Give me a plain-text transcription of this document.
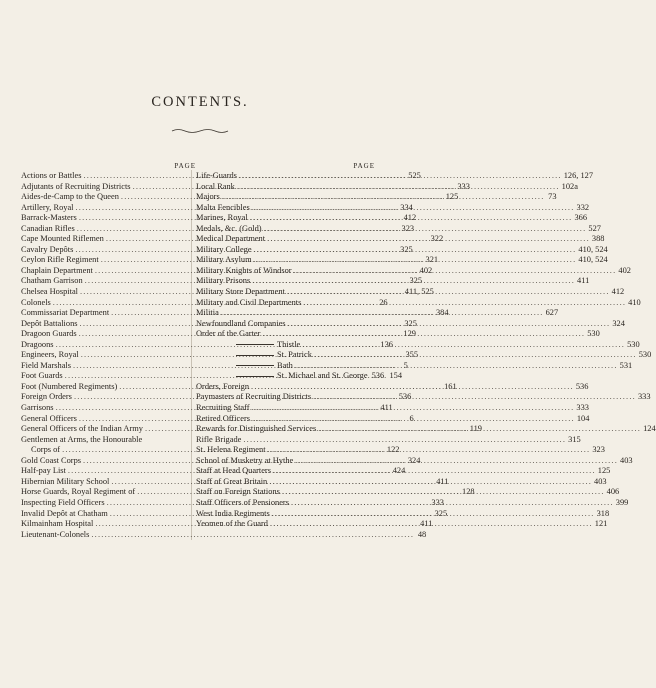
CONTENTS.
PAGE
Actions or Battles .....	525
Adjutants of Recruiting Districts .....	333
Aides-de-Camp to the Queen .....	125
Artillery, Royal .....	334
Barrack-Masters .....	412
Canadian Rifles .....	323
Cape Mounted Riflemen .....	322
Cavalry Depôts .....	325
Ceylon Rifle Regiment .....	321
Chaplain Department .....	402
Chatham Garrison .....	325
Chelsea Hospital .....	411, 525
Colonels .....	26
Commissariat Department .....	384
Depôt Battalions .....	325
Dragoon Guards .....	129
Dragoons .....	136
Engineers, Royal .....	355
Field Marshals .....	5
Foot Guards .....	154
Foot (Numbered Regiments) .....	161
Foreign Orders .....	536
Garrisons .....	411
General Officers .....	6
General Officers of the Indian Army .....	119
Gentlemen at Arms, the Honourable
Corps of .....	122
Gold Coast Corps .....	324
Half-pay List .....	424
Hibernian Military School .....	411
Horse Guards, Royal Regiment of .....	128
Inspecting Field Officers .....	333
Invalid Depôt at Chatham .....	325
Kilmainham Hospital .....	411
Lieutenant-Colonels .....	48
PAGE
Life-Guards .....	126, 127
Local Rank .....	102a
Majors .....	73
Malta Fencibles .....	332
Marines, Royal .....	366
Medals, &c. (Gold) .....	527
Medical Department .....	388
Military College .....	410, 524
Military Asylum .....	410, 524
Military Knights of Windsor .....	402
Military Prisons .....	411
Military Store Department .....	412
Military and Civil Departments .....	410
Militia .....	627
Newfoundland Companies .....	324
Order of the Garter .....	530
Thistle .....	530
St. Patrick .....	530
Bath .....	531
St. Michael and St. George 536
Orders, Foreign .....	536
Paymasters of Recruiting Districts .....	333
Recruiting Staff .....	333
Retired Officers .....	104
Rewards for Distinguished Services .....	124
Rifle Brigade .....	315
St. Helena Regiment .....	323
School of Musketry at Hythe .....	403
Staff at Head Quarters .....	125
Staff of Great Britain .....	403
Staff on Foreign Stations .....	406
Staff Officers of Pensioners .....	399
West India Regiments .....	318
Yeomen of the Guard .....	121
